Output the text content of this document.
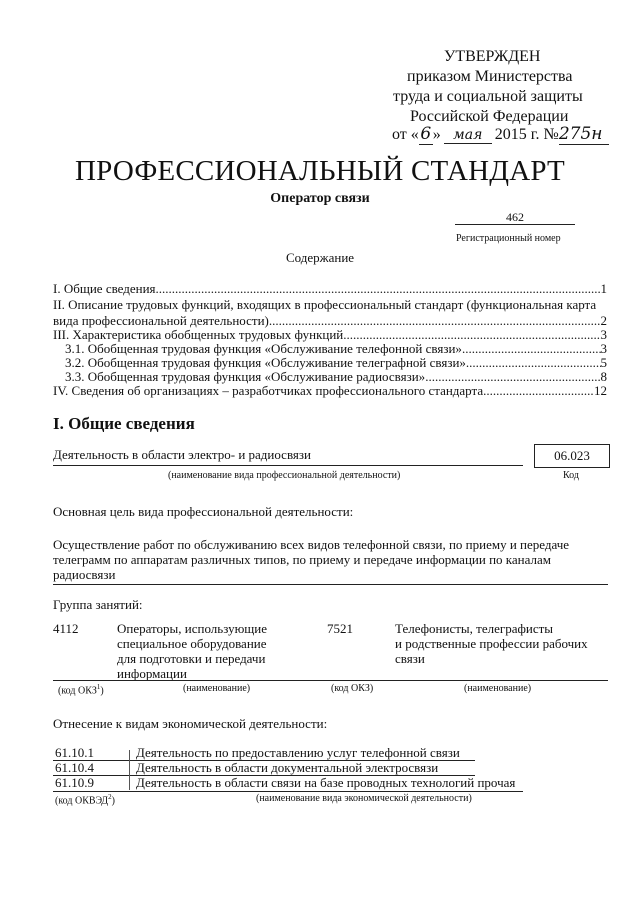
УТВЕРЖДЕН
приказом Министерства
труда и социальной защиты
Российской Федерации
от «6» мая 2015 г. №275н
ПРОФЕССИОНАЛЬНЫЙ СТАНДАРТ
Оператор связи
462
Регистрационный номер
Содержание
I. Общие сведения .....	1
II. Описание трудовых функций, входящих в профессиональный стандарт (функциональная карта
вида профессиональной деятельности) .....	2
III. Характеристика обобщенных трудовых функций .....	3
3.1. Обобщенная трудовая функция «Обслуживание телефонной связи» .....	3
3.2. Обобщенная трудовая функция «Обслуживание телеграфной связи» .....	5
3.3. Обобщенная трудовая функция «Обслуживание радиосвязи» .....	8
IV. Сведения об организациях – разработчиках профессионального стандарта .....	12
I. Общие сведения
Деятельность в области электро- и радиосвязи	06.023
(наименование вида профессиональной деятельности)	Код
Основная цель вида профессиональной деятельности:
Осуществление работ по обслуживанию всех видов телефонной связи, по приему и передаче
телеграмм по аппаратам различных типов, по приему и передаче информации по каналам
радиосвязи
Группа занятий:
4112	Операторы, использующие
специальное оборудование
для подготовки и передачи
информации
7521	Телефонисты, телеграфисты
и родственные профессии рабочих
связи
(код ОКЗ$^1$)	(наименование)	(код ОКЗ)	(наименование)
Отнесение к видам экономической деятельности:
61.10.1	Деятельность по предоставлению услуг телефонной связи
61.10.4	Деятельность в области документальной электросвязи
61.10.9	Деятельность в области связи на базе проводных технологий прочая
(код ОКВЭД$^2$)	(наименование вида экономической деятельности)
